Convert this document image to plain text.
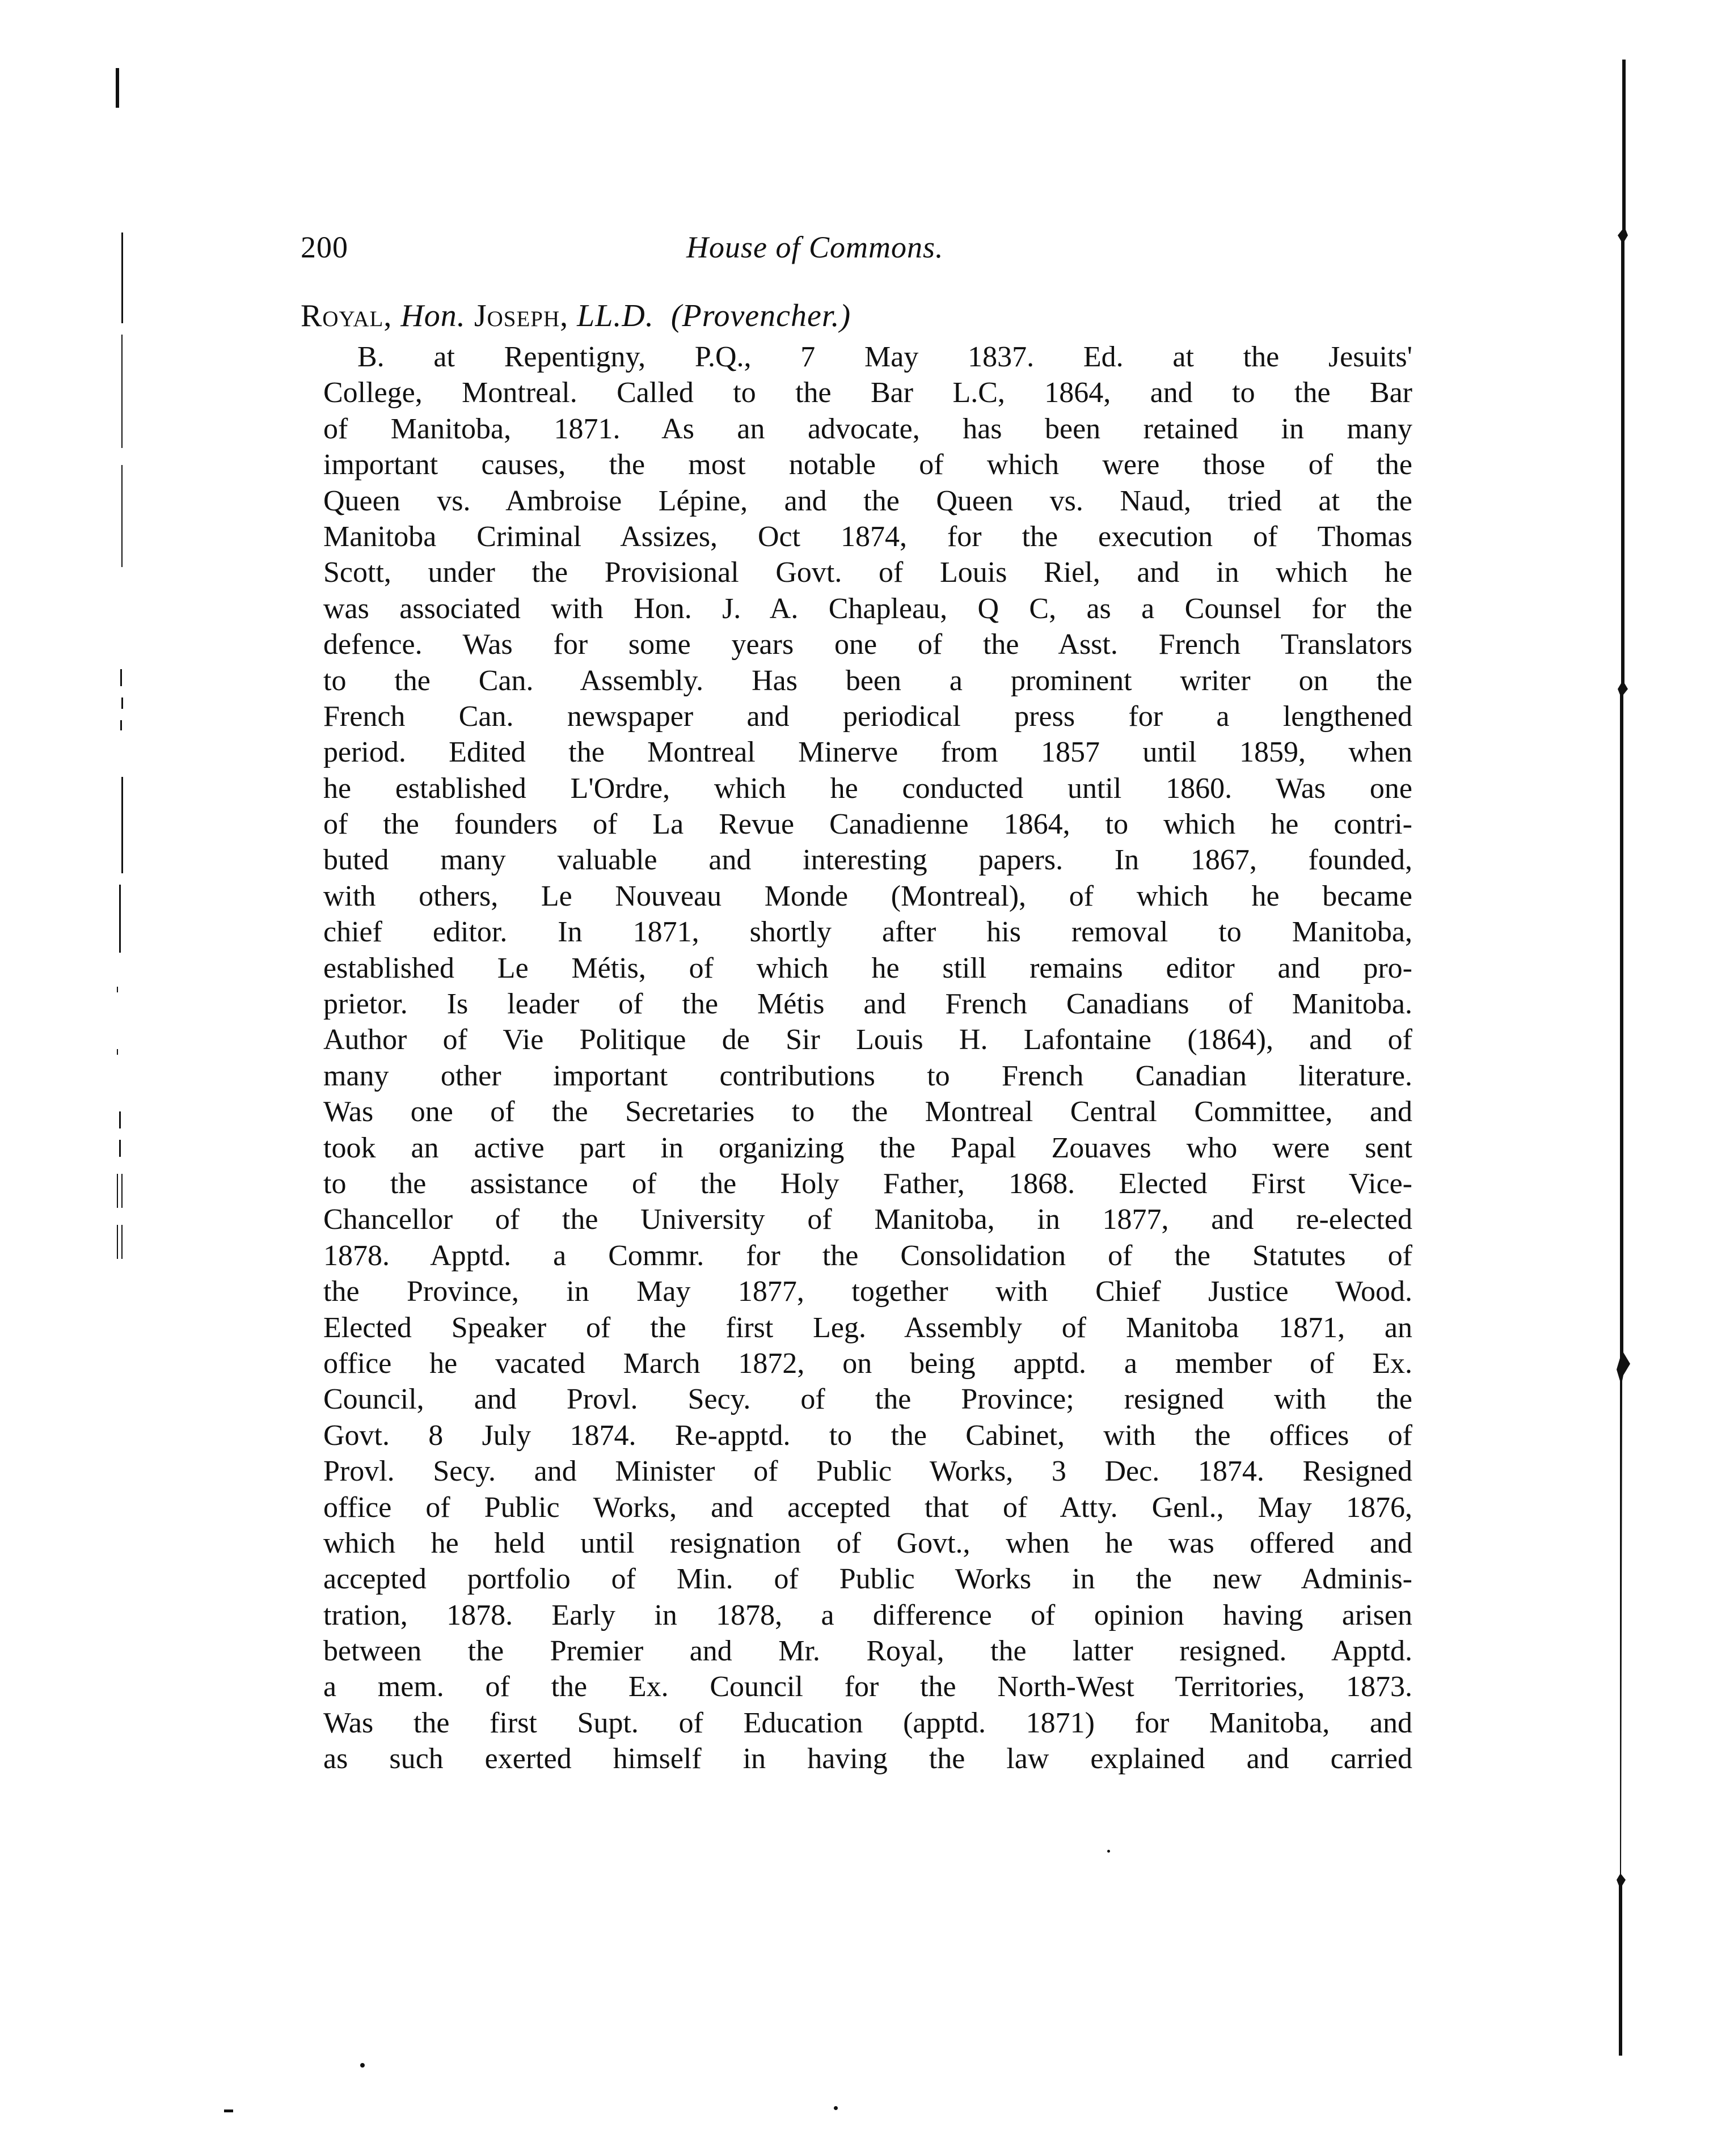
200	House of Commons.
Royal, Hon. Joseph, LL.D. (Provencher.)
B. at Repentigny, P.Q., 7 May 1837. Ed. at the Jesuits'
College, Montreal. Called to the Bar L.C, 1864, and to the Bar
of Manitoba, 1871. As an advocate, has been retained in many
important causes, the most notable of which were those of the
Queen vs. Ambroise Lépine, and the Queen vs. Naud, tried at the
Manitoba Criminal Assizes, Oct 1874, for the execution of Thomas
Scott, under the Provisional Govt. of Louis Riel, and in which he
was associated with Hon. J. A. Chapleau, Q C, as a Counsel for the
defence. Was for some years one of the Asst. French Translators
to the Can. Assembly. Has been a prominent writer on the
French Can. newspaper and periodical press for a lengthened
period. Edited the Montreal Minerve from 1857 until 1859, when
he established L'Ordre, which he conducted until 1860. Was one
of the founders of La Revue Canadienne 1864, to which he contri-
buted many valuable and interesting papers. In 1867, founded,
with others, Le Nouveau Monde (Montreal), of which he became
chief editor. In 1871, shortly after his removal to Manitoba,
established Le Métis, of which he still remains editor and pro-
prietor. Is leader of the Métis and French Canadians of Manitoba.
Author of Vie Politique de Sir Louis H. Lafontaine (1864), and of
many other important contributions to French Canadian literature.
Was one of the Secretaries to the Montreal Central Committee, and
took an active part in organizing the Papal Zouaves who were sent
to the assistance of the Holy Father, 1868. Elected First Vice-
Chancellor of the University of Manitoba, in 1877, and re-elected
1878. Apptd. a Commr. for the Consolidation of the Statutes of
the Province, in May 1877, together with Chief Justice Wood.
Elected Speaker of the first Leg. Assembly of Manitoba 1871, an
office he vacated March 1872, on being apptd. a member of Ex.
Council, and Provl. Secy. of the Province; resigned with the
Govt. 8 July 1874. Re-apptd. to the Cabinet, with the offices of
Provl. Secy. and Minister of Public Works, 3 Dec. 1874. Resigned
office of Public Works, and accepted that of Atty. Genl., May 1876,
which he held until resignation of Govt., when he was offered and
accepted portfolio of Min. of Public Works in the new Adminis-
tration, 1878. Early in 1878, a difference of opinion having arisen
between the Premier and Mr. Royal, the latter resigned. Apptd.
a mem. of the Ex. Council for the North-West Territories, 1873.
Was the first Supt. of Education (apptd. 1871) for Manitoba, and
as such exerted himself in having the law explained and carried
